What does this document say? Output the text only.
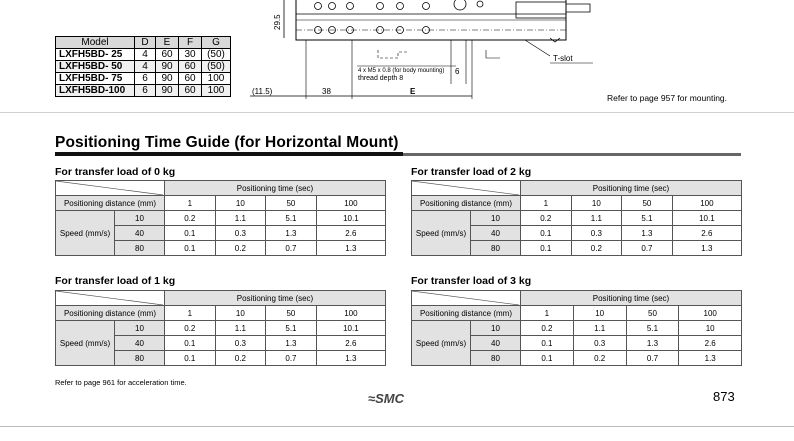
Model	D	E	F	G
LXFH5BD- 25	4	60	30	(50)
LXFH5BD- 50	4	90	60	(50)
LXFH5BD- 75	6	90	60	100
LXFH5BD-100	6	90	60	100
29.5
T-slot
4 x M5 x 0.8 (for body mounting)
thread depth 8
6
(11.5)	38	E
Refer to page 957 for mounting.
Positioning Time Guide (for Horizontal Mount)
For transfer load of 0 kg
	Positioning time (sec)			
Positioning distance (mm)		1	10	50	100
Speed (mm/s)	10	0.2	1.1	5.1	10.1
	40	0.1	0.3	1.3	2.6
	80	0.1	0.2	0.7	1.3
For transfer load of 2 kg
	Positioning time (sec)			
Positioning distance (mm)		1	10	50	100
Speed (mm/s)	10	0.2	1.1	5.1	10.1
	40	0.1	0.3	1.3	2.6
	80	0.1	0.2	0.7	1.3
For transfer load of 1 kg
	Positioning time (sec)			
Positioning distance (mm)		1	10	50	100
Speed (mm/s)	10	0.2	1.1	5.1	10.1
	40	0.1	0.3	1.3	2.6
	80	0.1	0.2	0.7	1.3
For transfer load of 3 kg
	Positioning time (sec)			
Positioning distance (mm)		1	10	50	100
Speed (mm/s)	10	0.2	1.1	5.1	10
	40	0.1	0.3	1.3	2.6
	80	0.1	0.2	0.7	1.3
Refer to page 961 for acceleration time.
≈SMC	873
